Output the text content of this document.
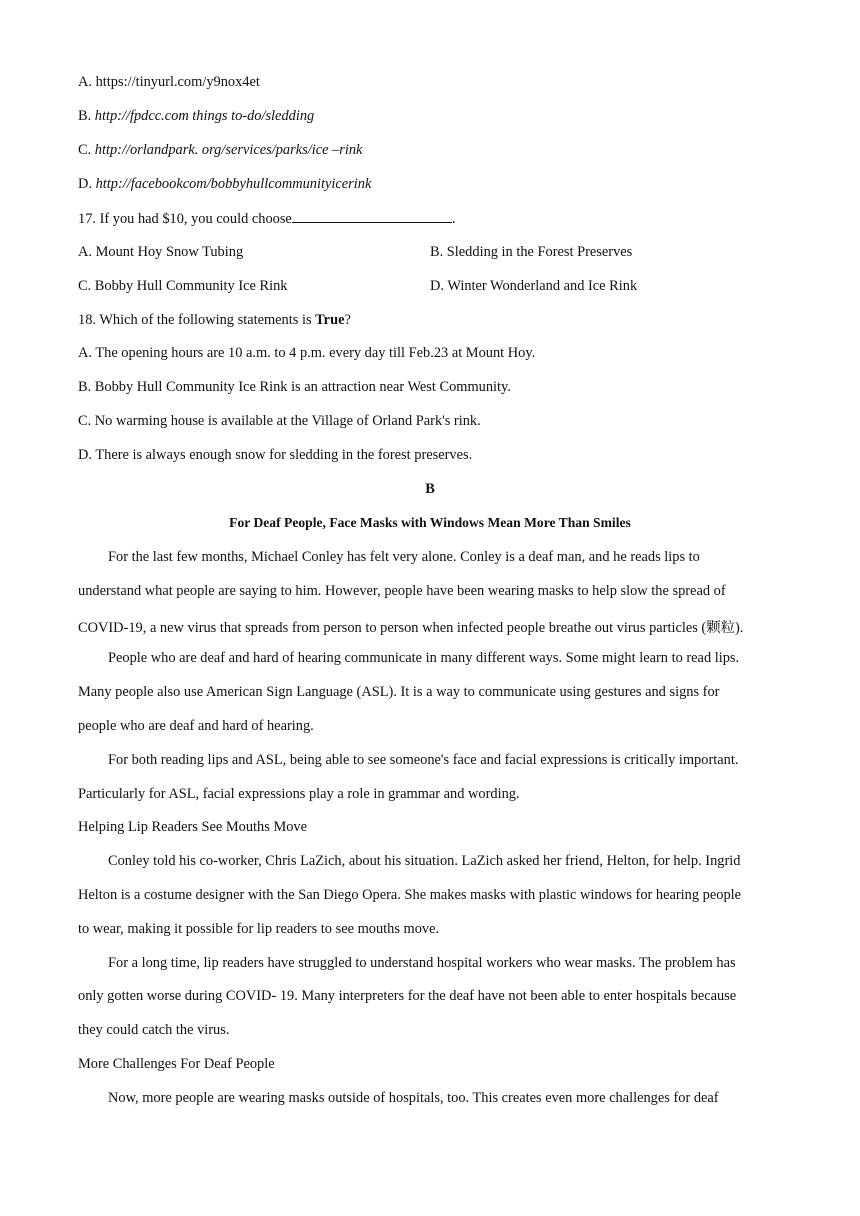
A. https://tinyurl.com/y9nox4et
B. http://fpdcc.com things to-do/sledding
C. http://orlandpark. org/services/parks/ice –rink
D. http://facebookcom/bobbyhullcommunityicerink
17. If you had $10, you could choose	.
A. Mount Hoy Snow Tubing	B. Sledding in the Forest Preserves
C. Bobby Hull Community Ice Rink	D. Winter Wonderland and Ice Rink
18. Which of the following statements is True?
A. The opening hours are 10 a.m. to 4 p.m. every day till Feb.23 at Mount Hoy.
B. Bobby Hull Community Ice Rink is an attraction near West Community.
C. No warming house is available at the Village of Orland Park's rink.
D. There is always enough snow for sledding in the forest preserves.
B
For Deaf People, Face Masks with Windows Mean More Than Smiles
For the last few months, Michael Conley has felt very alone. Conley is a deaf man, and he reads lips to
understand what people are saying to him. However, people have been wearing masks to help slow the spread of
COVID-19, a new virus that spreads from person to person when infected people breathe out virus particles (颗粒).
People who are deaf and hard of hearing communicate in many different ways. Some might learn to read lips.
Many people also use American Sign Language (ASL). It is a way to communicate using gestures and signs for
people who are deaf and hard of hearing.
For both reading lips and ASL, being able to see someone's face and facial expressions is critically important.
Particularly for ASL, facial expressions play a role in grammar and wording.
Helping Lip Readers See Mouths Move
Conley told his co-worker, Chris LaZich, about his situation. LaZich asked her friend, Helton, for help. Ingrid
Helton is a costume designer with the San Diego Opera. She makes masks with plastic windows for hearing people
to wear, making it possible for lip readers to see mouths move.
For a long time, lip readers have struggled to understand hospital workers who wear masks. The problem has
only gotten worse during COVID- 19. Many interpreters for the deaf have not been able to enter hospitals because
they could catch the virus.
More Challenges For Deaf People
Now, more people are wearing masks outside of hospitals, too. This creates even more challenges for deaf
